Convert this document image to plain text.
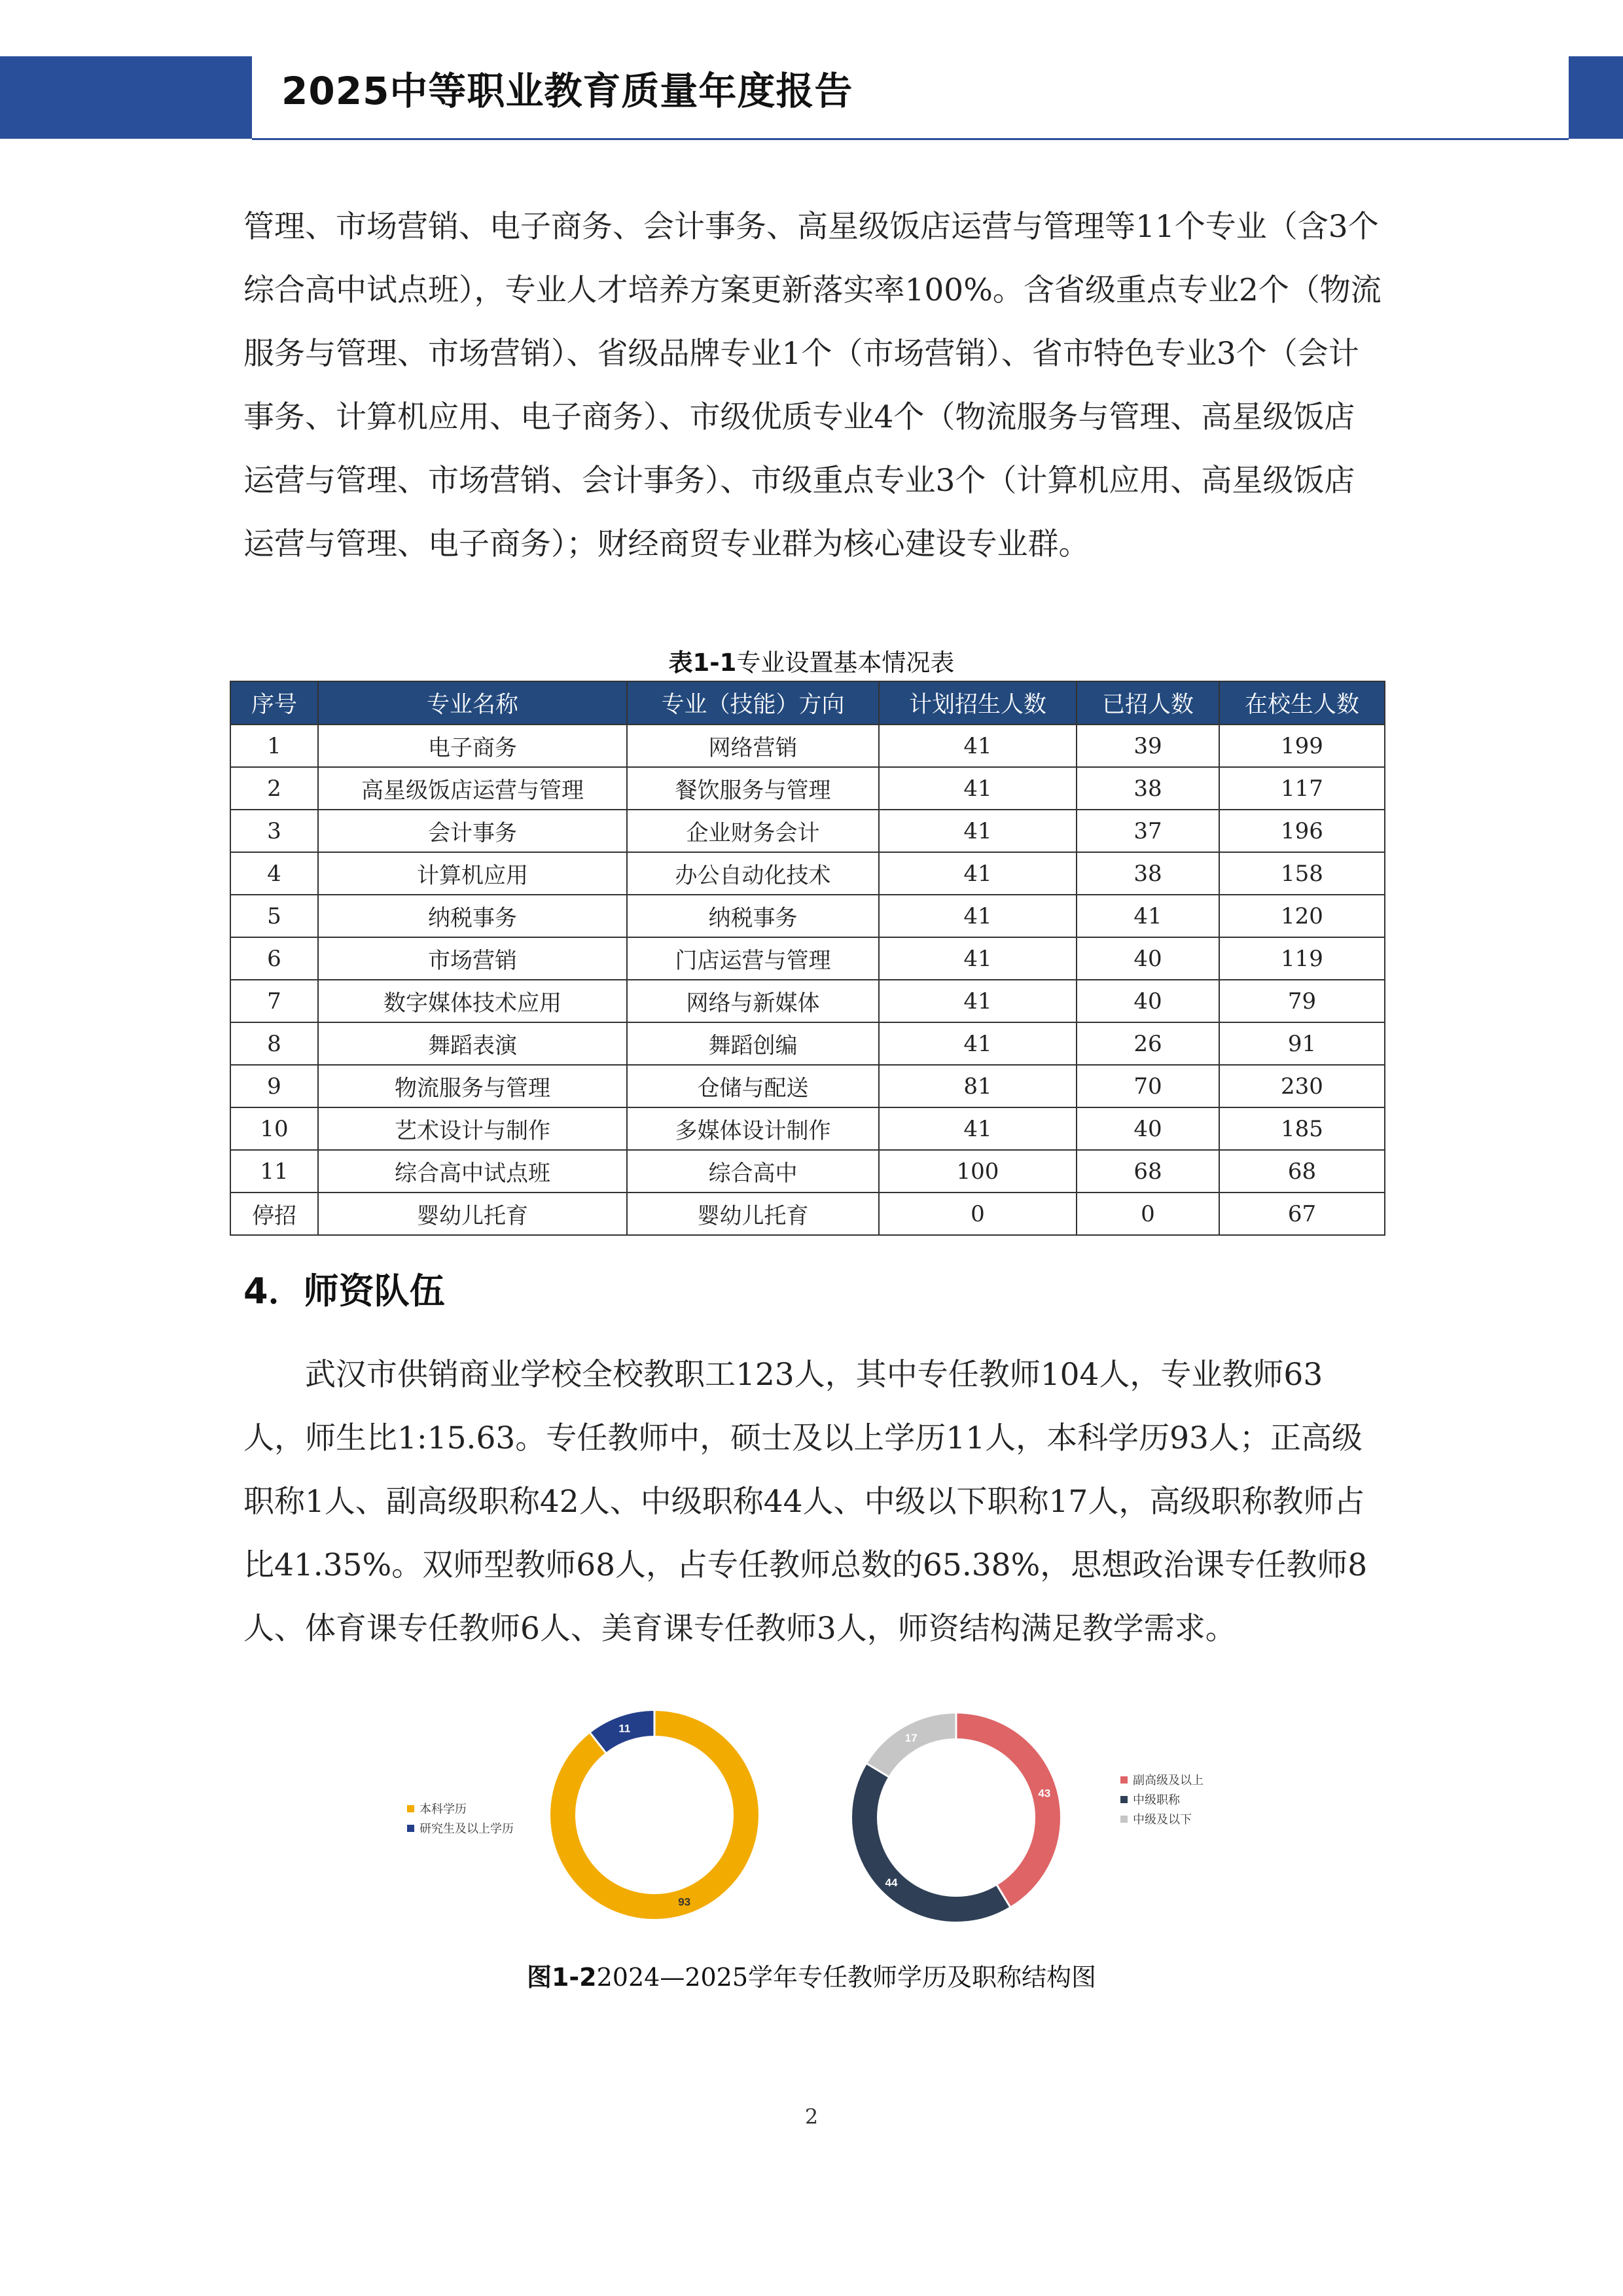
2025中等职业教育质量年度报告

管理、市场营销、电子商务、会计事务、高星级饭店运营与管理等11个专业（含3个综合高中试点班），专业人才培养方案更新落实率100%。含省级重点专业2个（物流服务与管理、市场营销）、省级品牌专业1个（市场营销）、省市特色专业3个（会计事务、计算机应用、电子商务）、市级优质专业4个（物流服务与管理、高星级饭店运营与管理、市场营销、会计事务）、市级重点专业3个（计算机应用、高星级饭店运营与管理、电子商务）；财经商贸专业群为核心建设专业群。

表1-1专业设置基本情况表
序号	专业名称	专业（技能）方向	计划招生人数	已招人数	在校生人数
1	电子商务	网络营销	41	39	199
2	高星级饭店运营与管理	餐饮服务与管理	41	38	117
3	会计事务	企业财务会计	41	37	196
4	计算机应用	办公自动化技术	41	38	158
5	纳税事务	纳税事务	41	41	120
6	市场营销	门店运营与管理	41	40	119
7	数字媒体技术应用	网络与新媒体	41	40	79
8	舞蹈表演	舞蹈创编	41	26	91
9	物流服务与管理	仓储与配送	81	70	230
10	艺术设计与制作	多媒体设计制作	41	40	185
11	综合高中试点班	综合高中	100	68	68
停招	婴幼儿托育	婴幼儿托育	0	0	67
4．师资队伍

武汉市供销商业学校全校教职工123人，其中专任教师104人，专业教师63人，师生比1:15.63。专任教师中，硕士及以上学历11人，本科学历93人；正高级职称1人、副高级职称42人、中级职称44人、中级以下职称17人，高级职称教师占比41.35%。双师型教师68人，占专任教师总数的65.38%，思想政治课专任教师8人、体育课专任教师6人、美育课专任教师3人，师资结构满足教学需求。

93
11
43
44
17
本科学历
研究生及以上学历
副高级及以上
中级职称
中级及以下
图1-22024—2025学年专任教师学历及职称结构图
2
